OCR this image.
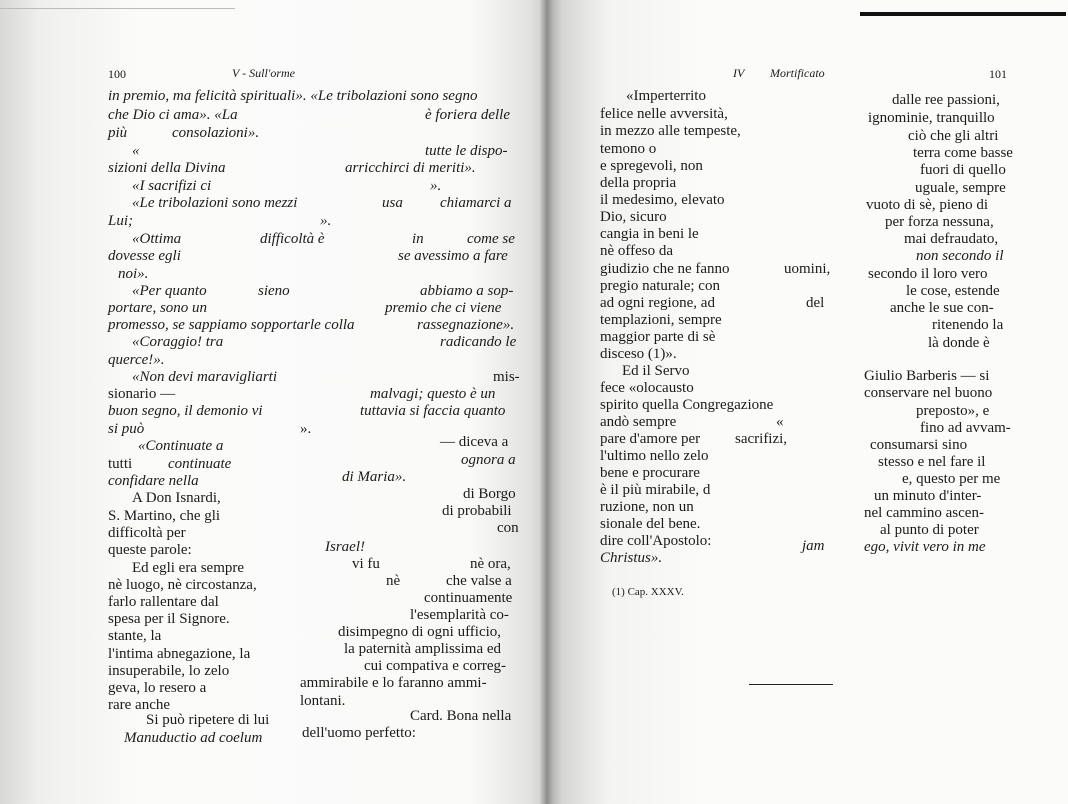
100	V - Sull'orme
in premio, ma felicità spirituali». «Le tribolazioni sono segno
che Dio ci ama». «La	è foriera delle
più	consolazioni».
«	tutte le dispo-
sizioni della Divina	arricchirci di meriti».
«I sacrifizi ci	».
«Le tribolazioni sono mezzi	usa chiamarci a
Lui;	».
«Ottima	difficoltà è	in	come se
dovesse egli	se avessimo a fare
noi».
«Per quanto	sieno	abbiamo a sop-
portare, sono un	premio che ci viene
promesso, se sappiamo sopportarle colla	rassegnazione».
«Coraggio! tra	radicando le
querce!».
«Non devi maravigliarti	mis-
sionario —	malvagi; questo è un
buon segno, il demonio vi	tuttavia si faccia quanto
si può	».
«Continuate a	— diceva a
tutti continuate	ognora a
confidare nella	di Maria».
A Don Isnardi,	di Borgo
S. Martino, che gli	di probabili
difficoltà per	con
queste parole:	Israel!
Ed egli era sempre	vi fu	nè ora,
nè luogo, nè circostanza,	nè	che valse a
farlo rallentare dal	continuamente
spesa per il Signore.	l'esemplarità co-
stante, la	disimpegno di ogni ufficio,
l'intima abnegazione, la	la paternità amplissima ed
insuperabile, lo zelo	cui compativa e correg-
geva, lo resero a	ammirabile e lo faranno ammi-
rare anche	lontani.
Si può ripetere di lui	Card. Bona nella
Manuductio ad coelum	dell'uomo perfetto:
IV Mortificato	101
«Imperterrito
felice nelle avversità,
in mezzo alle tempeste,
temono o
e spregevoli, non
della propria
il medesimo, elevato
Dio, sicuro
cangia in beni le
nè offeso da
giudizio che ne fanno	uomini,
pregio naturale; con
ad ogni regione, ad	del
templazioni, sempre
maggior parte di sè
disceso (1)».
Ed il Servo
fece «olocausto
spirito quella Congregazione
andò sempre	«
pare d'amore per sacrifizi,
l'ultimo nello zelo
bene e procurare
è il più mirabile, d
ruzione, non un
sionale del bene.
dire coll'Apostolo:	jam
Christus».
(1) Cap. XXXV.
dalle ree passioni,
ignominie, tranquillo
ciò che gli altri
terra come basse
fuori di quello
uguale, sempre
vuoto di sè, pieno di
per forza nessuna,
mai defraudato,
non secondo il
secondo il loro vero
le cose, estende
anche le sue con-
ritenendo la
là donde è
Giulio Barberis — si
conservare nel buono
preposto», e
fino ad avvam-
consumarsi sino
stesso e nel fare il
e, questo per me
un minuto d'inter-
nel cammino ascen-
al punto di poter
ego, vivit vero in me
